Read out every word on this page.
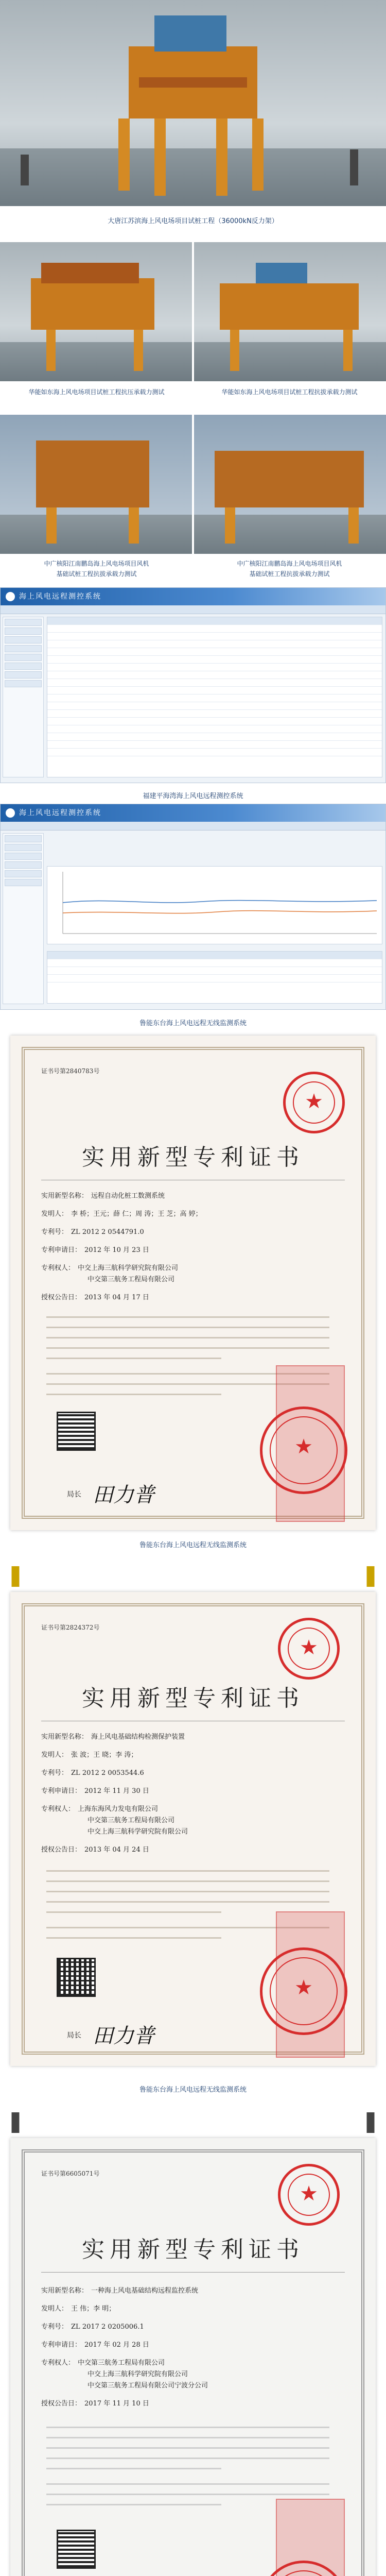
大唐江苏滨海上风电场项目试桩工程（36000kN反力架）
华能如东海上风电场项目试桩工程抗压承载力测试	华能如东海上风电场项目试桩工程抗拔承载力测试
中广核阳江南鹏岛海上风电场项目风机
基础试桩工程抗拔承载力测试
中广核阳江南鹏岛海上风电场项目风机
基础试桩工程抗拔承载力测试
海上风电远程测控系统
福建平海湾海上风电远程测控系统
海上风电远程测控系统
鲁能东台海上风电远程无线监测系统
证书号第2840783号
★
实用新型专利证书
实用新型名称： 远程自动化桩工数测系统
发明人： 李 桥；王元；薛 仁；周 涛；王 芝；高 婷；
专利号： ZL 2012 2 0544791.0
专利申请日： 2012 年 10 月 23 日
专利权人： 中交上海三航科学研究院有限公司
中交第三航务工程局有限公司
授权公告日： 2013 年 04 月 17 日
★
局长 田力普
鲁能东台海上风电远程无线监测系统
证书号第2824372号
★
实用新型专利证书
实用新型名称： 海上风电基础结构检测保护装置
发明人： 张 波；王 晓；李 涛；
专利号： ZL 2012 2 0053544.6
专利申请日： 2012 年 11 月 30 日
专利权人： 上海东海风力发电有限公司
中交第三航务工程局有限公司
中交上海三航科学研究院有限公司
授权公告日： 2013 年 04 月 24 日
★
局长 田力普
鲁能东台海上风电远程无线监测系统
证书号第6605071号
★
实用新型专利证书
实用新型名称： 一种海上风电基础结构远程监控系统
发明人： 王 伟；李 明；
专利号： ZL 2017 2 0205006.1
专利申请日： 2017 年 02 月 28 日
专利权人： 中交第三航务工程局有限公司
中交上海三航科学研究院有限公司
中交第三航务工程局有限公司宁波分公司
授权公告日： 2017 年 11 月 10 日
